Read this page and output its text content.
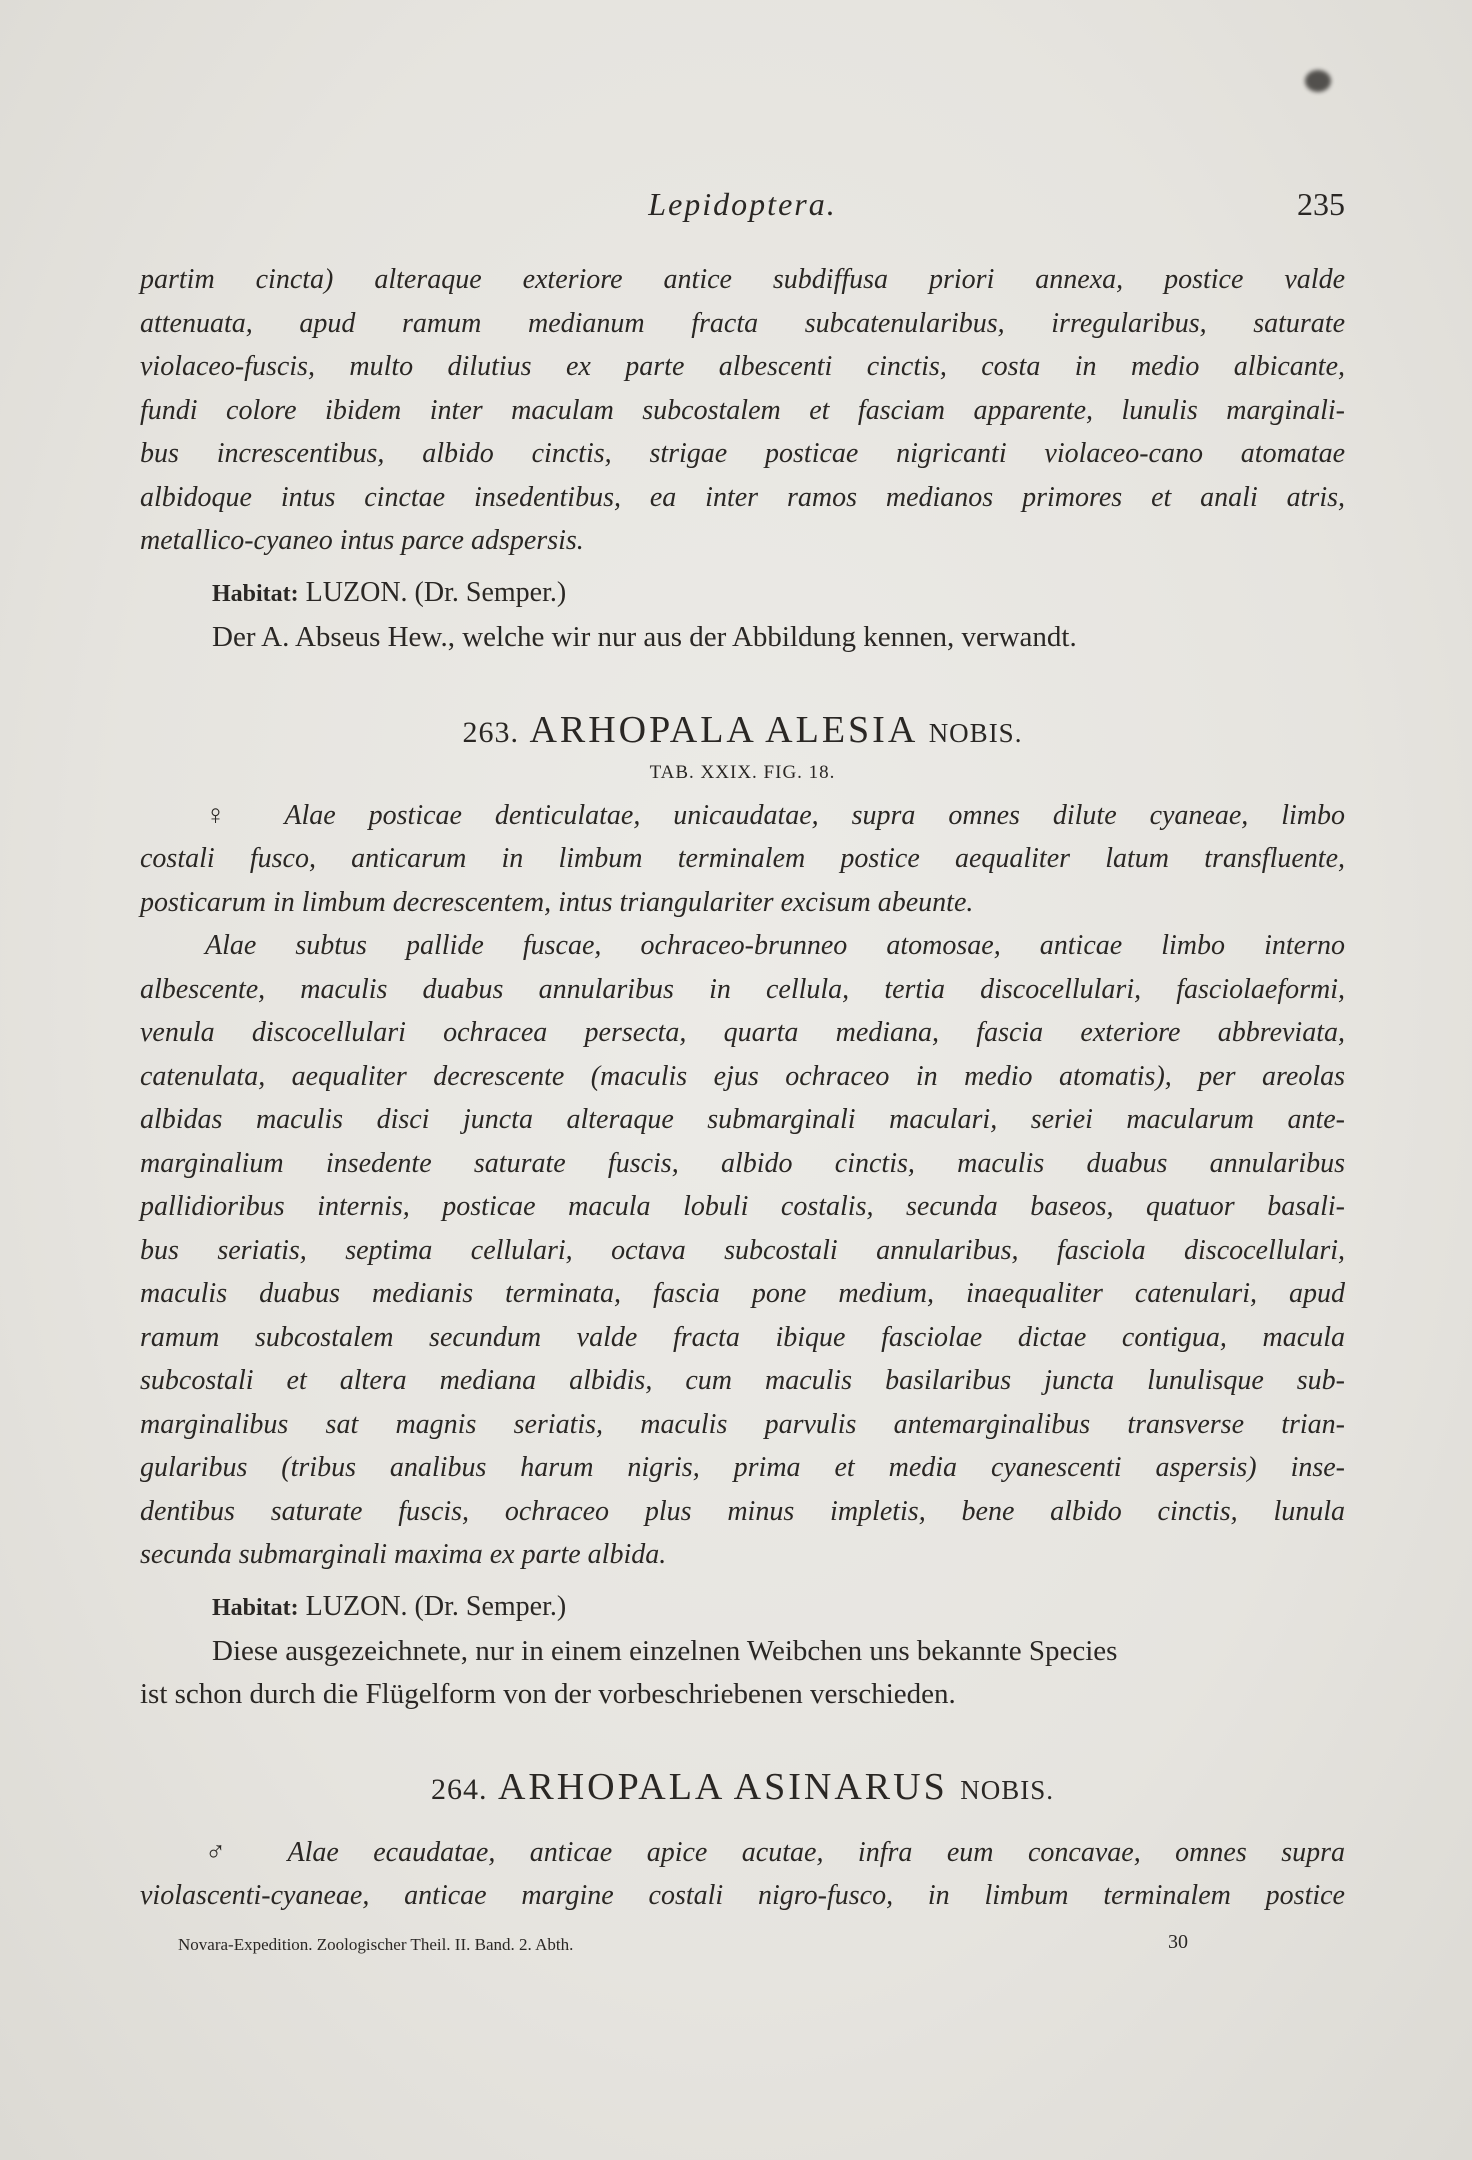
Lepidoptera.	235
partim cincta) alteraque exteriore antice subdiffusa priori annexa, postice valde
attenuata, apud ramum medianum fracta subcatenularibus, irregularibus, saturate
violaceo-fuscis, multo dilutius ex parte albescenti cinctis, costa in medio albicante,
fundi colore ibidem inter maculam subcostalem et fasciam apparente, lunulis marginali-
bus increscentibus, albido cinctis, strigae posticae nigricanti violaceo-cano atomatae
albidoque intus cinctae insedentibus, ea inter ramos medianos primores et anali atris,
metallico-cyaneo intus parce adspersis.
Habitat: LUZON. (Dr. Semper.)
Der A. Abseus Hew., welche wir nur aus der Abbildung kennen, verwandt.
263. ARHOPALA ALESIA NOBIS.
TAB. XXIX. FIG. 18.
♀ Alae posticae denticulatae, unicaudatae, supra omnes dilute cyaneae, limbo
costali fusco, anticarum in limbum terminalem postice aequaliter latum transfluente,
posticarum in limbum decrescentem, intus triangulariter excisum abeunte.
Alae subtus pallide fuscae, ochraceo-brunneo atomosae, anticae limbo interno
albescente, maculis duabus annularibus in cellula, tertia discocellulari, fasciolaeformi,
venula discocellulari ochracea persecta, quarta mediana, fascia exteriore abbreviata,
catenulata, aequaliter decrescente (maculis ejus ochraceo in medio atomatis), per areolas
albidas maculis disci juncta alteraque submarginali maculari, seriei macularum ante-
marginalium insedente saturate fuscis, albido cinctis, maculis duabus annularibus
pallidioribus internis, posticae macula lobuli costalis, secunda baseos, quatuor basali-
bus seriatis, septima cellulari, octava subcostali annularibus, fasciola discocellulari,
maculis duabus medianis terminata, fascia pone medium, inaequaliter catenulari, apud
ramum subcostalem secundum valde fracta ibique fasciolae dictae contigua, macula
subcostali et altera mediana albidis, cum maculis basilaribus juncta lunulisque sub-
marginalibus sat magnis seriatis, maculis parvulis antemarginalibus transverse trian-
gularibus (tribus analibus harum nigris, prima et media cyanescenti aspersis) inse-
dentibus saturate fuscis, ochraceo plus minus impletis, bene albido cinctis, lunula
secunda submarginali maxima ex parte albida.
Habitat: LUZON. (Dr. Semper.)
Diese ausgezeichnete, nur in einem einzelnen Weibchen uns bekannte Species
ist schon durch die Flügelform von der vorbeschriebenen verschieden.
264. ARHOPALA ASINARUS NOBIS.
♂ Alae ecaudatae, anticae apice acutae, infra eum concavae, omnes supra
violascenti-cyaneae, anticae margine costali nigro-fusco, in limbum terminalem postice
Novara-Expedition. Zoologischer Theil. II. Band. 2. Abth.	30
